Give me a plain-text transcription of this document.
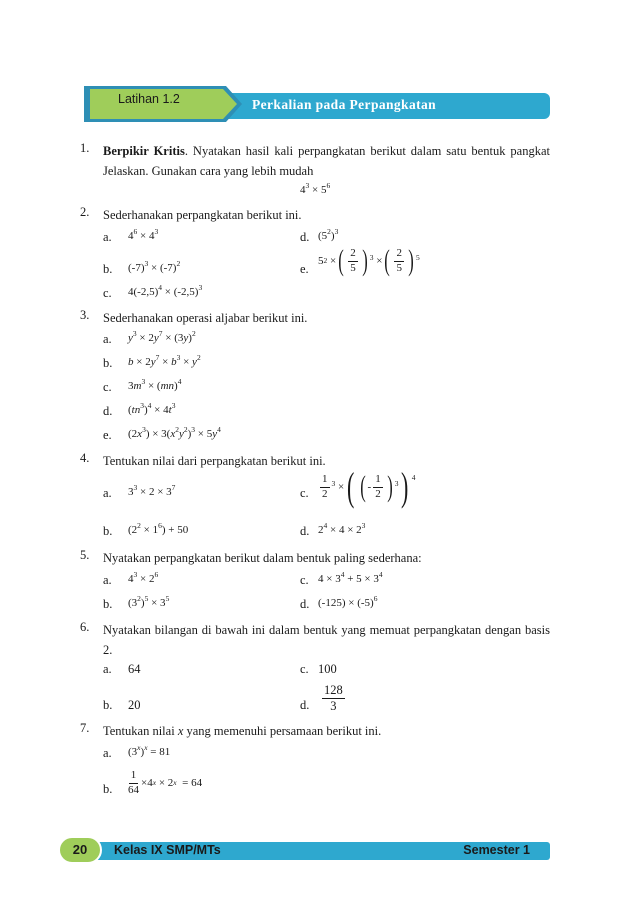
Latihan 1.2	Perkalian pada Perpangkatan
1. Berpikir Kritis. Nyatakan hasil kali perpangkatan berikut dalam satu bentuk pangkat Jelaskan. Gunakan cara yang lebih mudah
$4^3 \times 5^6$
2. Sederhanakan perpangkatan berikut ini.
a. $4^6 \times 4^3$	d. $(5^2)^3$
b. $(-7)^3 \times (-7)^2$	e.
5 2 × ( $\frac{2}{5}$ ) 3 × ( $\frac{2}{5}$ ) 5
c. $4(-2,5)^4 \times (-2,5)^3$
3. Sederhanakan operasi aljabar berikut ini.
a. $y^3 \times 2y^7 \times (3y)^2$
b. $b \times 2y^7 \times b^3 \times y^2$
c. $3m^3 \times (mn)^4$
d. $(tn^3)^4 \times 4t^3$
e. $(2x^3) \times 3(x^2y^2)^3 \times 5y^4$
4. Tentukan nilai dari perpangkatan berikut ini.
a. $3^3 \times 2 \times 3^7$	c. $\frac{1}{2} 3$ × ( ( - $\frac{1}{2}$ ) 3 ) 4
b. $(2^2 \times 1^6) + 50$	d. $2^4 \times 4 \times 2^3$
5. Nyatakan perpangkatan berikut dalam bentuk paling sederhana:
a. $4^3 \times 2^6$	c. $4 \times 3^4 + 5 \times 3^4$
b. $(3^2)^5 \times 3^5$	d. $(-125) \times (-5)^6$
6. Nyatakan bilangan di bawah ini dalam bentuk yang memuat perpangkatan dengan basis 2.
a. 64	c. 100
b. 20	d. $\frac{128}{3}$
7. Tentukan nilai x yang memenuhi persamaan berikut ini.
a. $(3^x)^x = 81$
b. $\frac{1}{64} \times 4$ x × 2 x = 64
20	Kelas IX SMP/MTs	Semester 1
